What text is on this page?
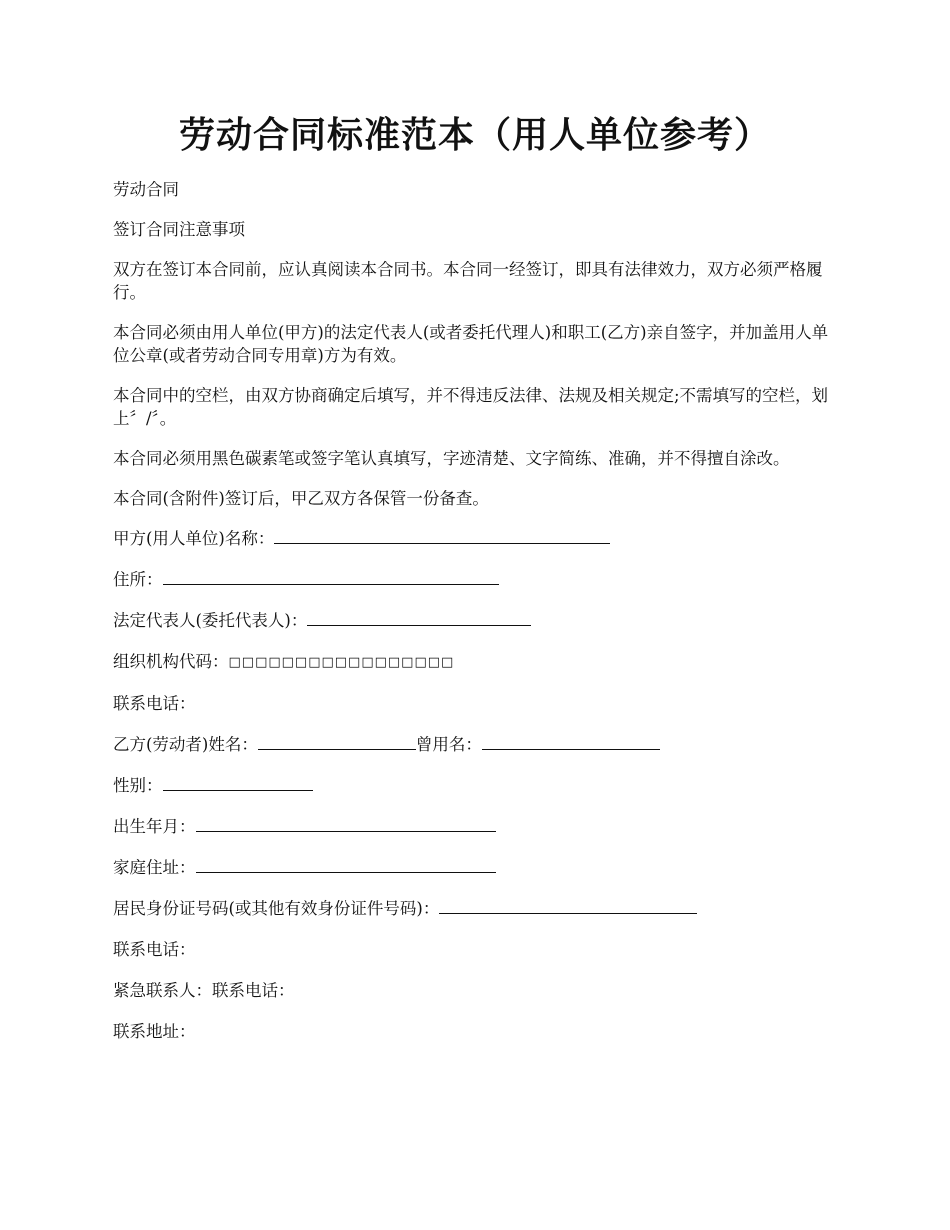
劳动合同标准范本（用人单位参考）

劳动合同

签订合同注意事项

双方在签订本合同前，应认真阅读本合同书。本合同一经签订，即具有法律效力，双方必须严格履行。

本合同必须由用人单位(甲方)的法定代表人(或者委托代理人)和职工(乙方)亲自签字，并加盖用人单位公章(或者劳动合同专用章)方为有效。

本合同中的空栏，由双方协商确定后填写，并不得违反法律、法规及相关规定;不需填写的空栏，划上〞/〞。

本合同必须用黑色碳素笔或签字笔认真填写，字迹清楚、文字简练、准确，并不得擅自涂改。

本合同(含附件)签订后，甲乙双方各保管一份备查。

甲方(用人单位)名称：

住所：

法定代表人(委托代表人)：

组织机构代码：□□□□□□□□□□□□□□□□□

联系电话：

乙方(劳动者)姓名：	曾用名：

性别：

出生年月：

家庭住址：

居民身份证号码(或其他有效身份证件号码)：

联系电话：

紧急联系人：联系电话：

联系地址：
